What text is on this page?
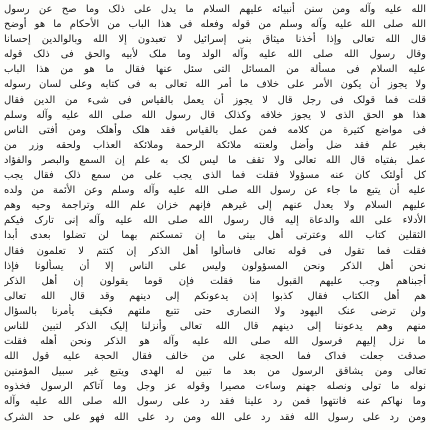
الله علیه وآله ومن سنن أنبیائه علیهم السلام ما یدل علی ذلک وما صح عن رسول
الله صلی الله علیه وآله وسلم من قوله وفعله فی هذا الباب من الأحکام ما هو أوضح
قال الله تعالی وإذا أخذنا میثاق بنی إسرائیل لا تعبدون إلا الله وبالوالدین إحسانا
وقال رسول الله صلی الله علیه وآله الولد وما ملک لأبیه والحق فی ذلک قوله
علیه السلام فی مسألة من المسائل التی سئل عنها فقال ما هو من هذا الباب
ولا یجوز أن یکون الأمر علی خلاف ما أمر الله تعالی به فی کتابه وعلی لسان رسوله
قلت فما قولک فی رجل قال لا یجوز أن یعمل بالقیاس فی شیء من الدین فقال
هذا هو الحق الذی لا یجوز خلافه وکذلک قال رسول الله صلی الله علیه وآله وسلم
فی مواضع کثیرة من کلامه فمن عمل بالقیاس فقد هلک وأهلک ومن أفتی الناس
بغیر علم فقد ضل وأضل ولعنته ملائکة الرحمة وملائکة العذاب ولحقه وزر من
عمل بفتیاه قال الله تعالی ولا تقف ما لیس لک به علم إن السمع والبصر والفؤاد
کل أولئک کان عنه مسؤولا فقلت فما الذی یجب علی من سمع ذلک فقال یجب
علیه أن یتبع ما جاء عن رسول الله صلی الله علیه وآله وسلم وعن الأئمة من ولده
علیهم السلام ولا یعدل عنهم إلی غیرهم فإنهم خزان علم الله وتراجمة وحیه وهم
الأدلاء علی الله والدعاة إلیه قال رسول الله صلی الله علیه وآله إنی تارک فیکم
الثقلین کتاب الله وعترتی أهل بیتی ما إن تمسکتم بهما لن تضلوا بعدی أبدا
فقلت فما تقول فی قوله تعالی فاسألوا أهل الذکر إن کنتم لا تعلمون فقال
نحن أهل الذکر ونحن المسؤولون ولیس علی الناس إلا أن یسألونا فإذا
أجبناهم وجب علیهم القبول منا فقلت فإن قوما یقولون إن أهل الذکر
هم أهل الکتاب فقال کذبوا إذن یدعونکم إلی دینهم وقد قال الله تعالی
ولن ترضی عنک الیهود ولا النصاری حتی تتبع ملتهم فکیف یأمرنا بالسؤال
منهم وهم یدعوننا إلی دینهم قال الله تعالی وأنزلنا إلیک الذکر لتبین للناس
ما نزل إلیهم فرسول الله صلی الله علیه وآله هو الذکر ونحن أهله فقلت
صدقت جعلت فداک فما الحجة علی من خالف فقال الحجة علیه قول الله
تعالی ومن یشاقق الرسول من بعد ما تبین له الهدی ویتبع غیر سبیل المؤمنین
نوله ما تولی ونصله جهنم وساءت مصیرا وقوله عز وجل وما آتاکم الرسول فخذوه
وما نهاکم عنه فانتهوا فمن رد علینا فقد رد علی رسول الله صلی الله علیه وآله
ومن رد علی رسول الله فقد رد علی الله ومن رد علی الله فهو علی حد الشرک
